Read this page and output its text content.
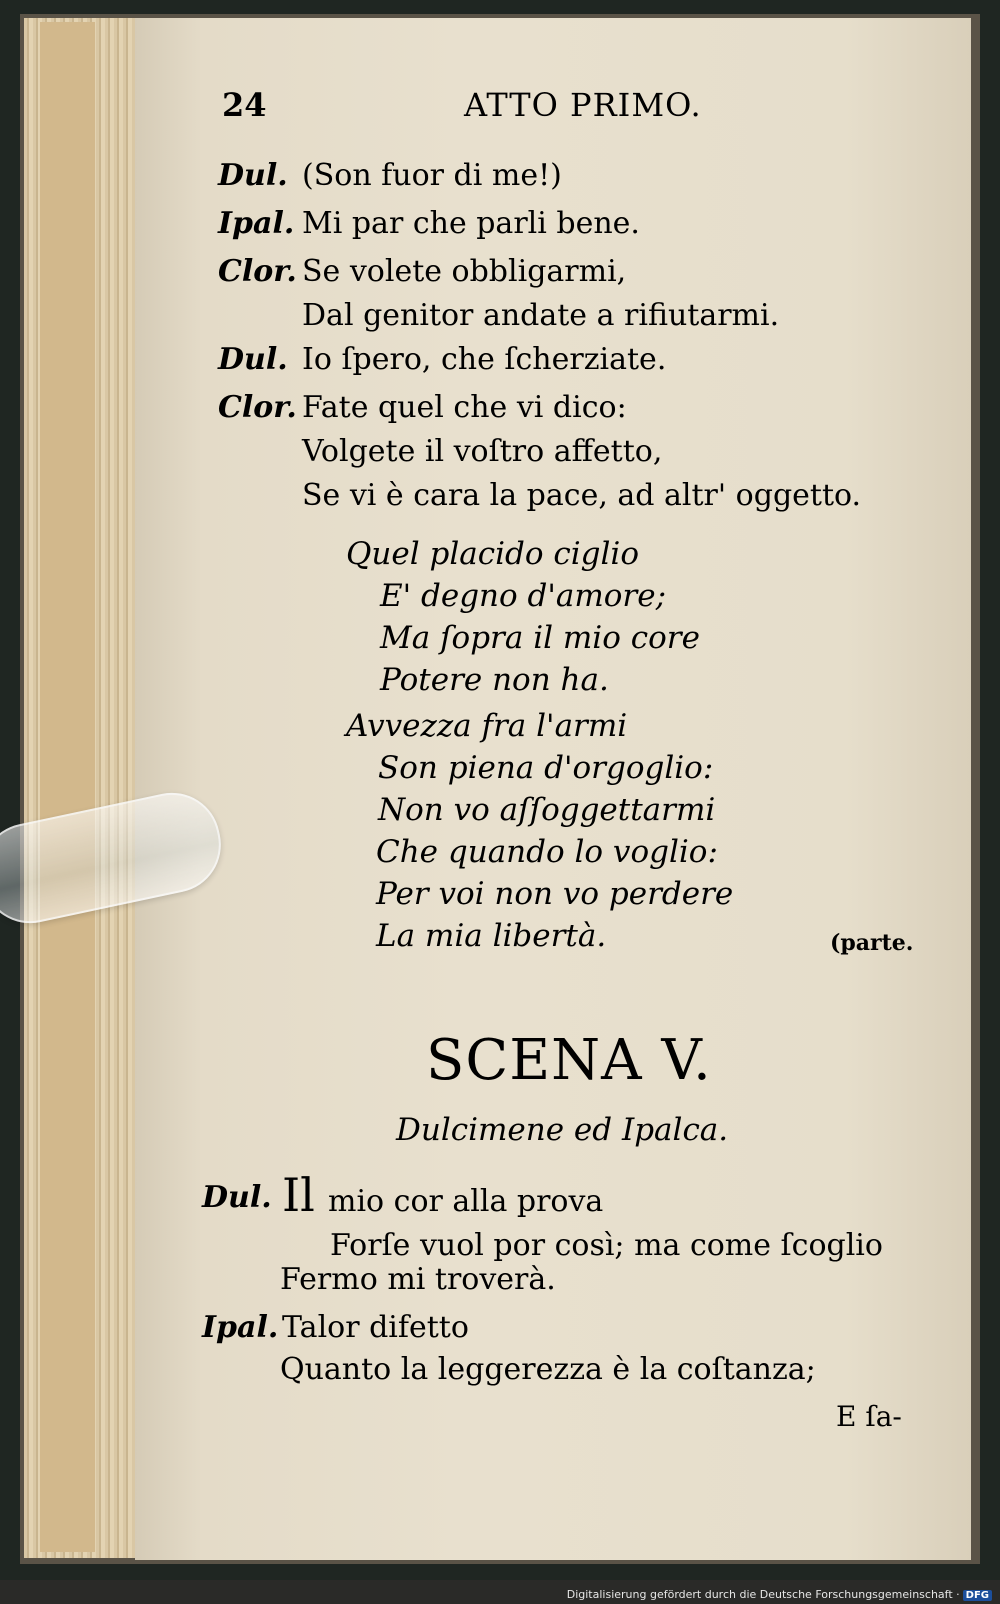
24	ATTO PRIMO.
Dul. (Son fuor di me!)
Ipal. Mi par che parli bene.
Clor. Se volete obbligarmi,
Dal genitor andate a rifiutarmi.
Dul. Io ſpero, che ſcherziate.
Clor. Fate quel che vi dico:
Volgete il voſtro affetto,
Se vi è cara la pace, ad altr' oggetto.
Quel placido ciglio
E' degno d'amore;
Ma ſopra il mio core
Potere non ha.
Avvezza fra l'armi
Son piena d'orgoglio:
Non vo aſſoggettarmi
Che quando lo voglio:
Per voi non vo perdere
La mia libertà.	(parte.
SCENA V.
Dulcimene ed Ipalca.
Dul. Il mio cor alla prova
Forſe vuol por così; ma come ſcoglio
Fermo mi troverà.
Ipal. Talor difetto
Quanto la leggerezza è la coſtanza;
E ſa-
Digitalisierung gefördert durch die Deutsche Forschungsgemeinschaft · DFG
